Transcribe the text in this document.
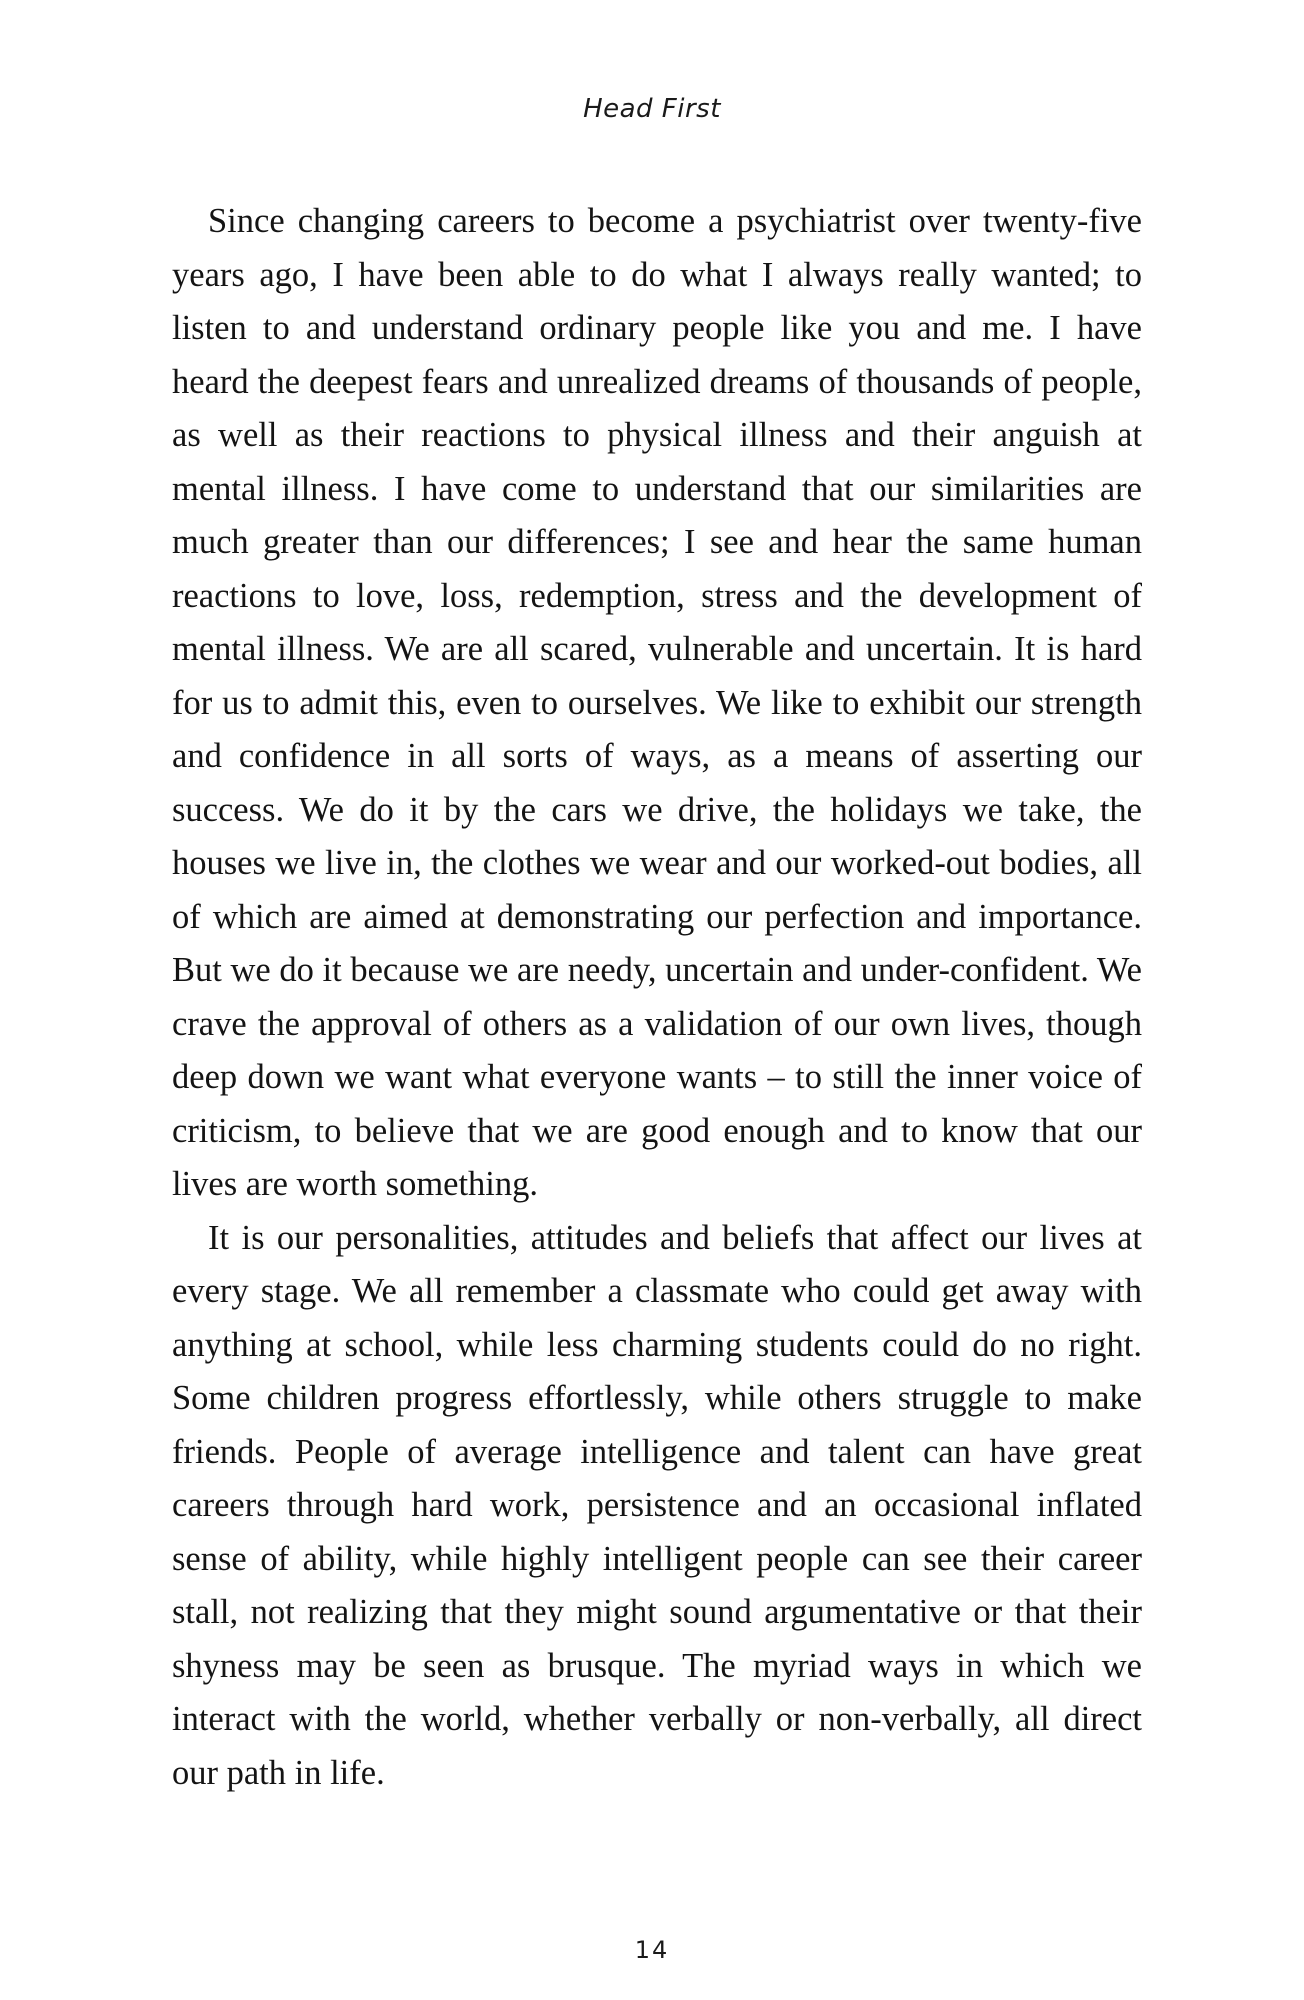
Head First

Since changing careers to become a psychiatrist over twenty-five years ago, I have been able to do what I always really wanted; to listen to and understand ordinary people like you and me. I have heard the deepest fears and unrealized dreams of thousands of people, as well as their reactions to physical illness and their anguish at mental illness. I have come to understand that our similarities are much greater than our differences; I see and hear the same human reactions to love, loss, redemption, stress and the development of mental illness. We are all scared, vulnerable and uncertain. It is hard for us to admit this, even to ourselves. We like to exhibit our strength and confidence in all sorts of ways, as a means of asserting our success. We do it by the cars we drive, the holidays we take, the houses we live in, the clothes we wear and our worked-out bodies, all of which are aimed at demonstrating our perfection and importance. But we do it because we are needy, uncertain and under-confident. We crave the approval of others as a validation of our own lives, though deep down we want what everyone wants – to still the inner voice of criticism, to believe that we are good enough and to know that our lives are worth something.

It is our personalities, attitudes and beliefs that affect our lives at every stage. We all remember a classmate who could get away with anything at school, while less charming students could do no right. Some children progress effortlessly, while others struggle to make friends. People of average intelligence and talent can have great careers through hard work, persistence and an occasional inflated sense of ability, while highly intelligent people can see their career stall, not realizing that they might sound argumentative or that their shyness may be seen as brusque. The myriad ways in which we interact with the world, whether verbally or non-verbally, all direct our path in life.

14
